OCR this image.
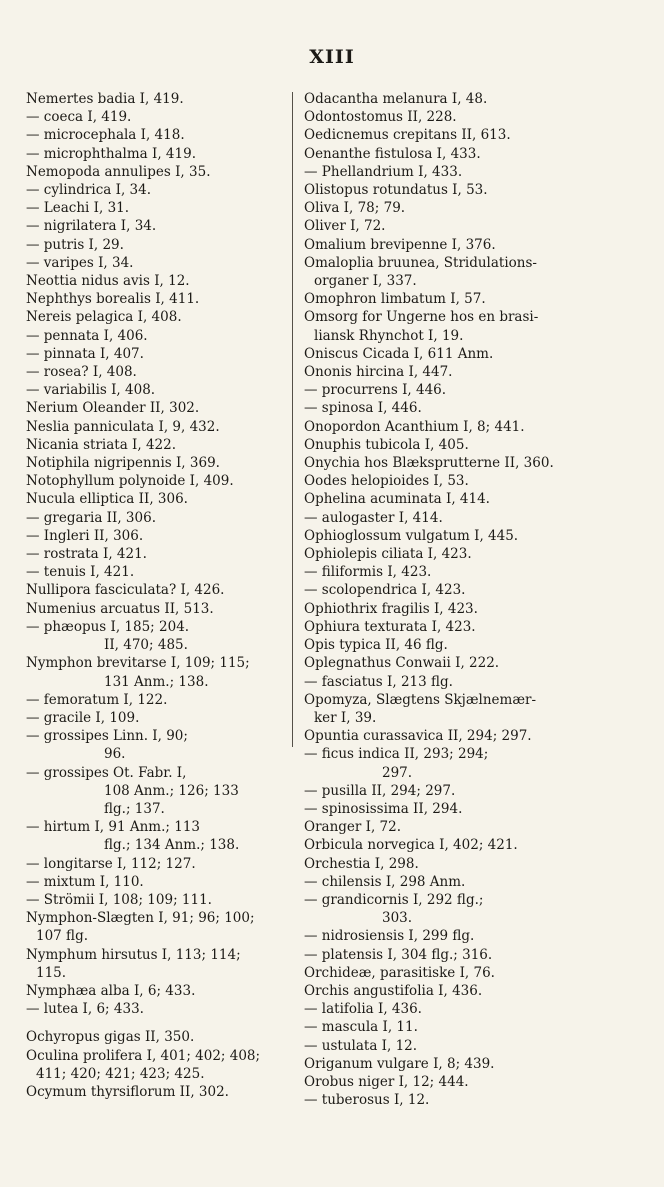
XIII
Nemertes badia I, 419.
— coeca I, 419.
— microcephala I, 418.
— microphthalma I, 419.
Nemopoda annulipes I, 35.
— cylindrica I, 34.
— Leachi I, 31.
— nigrilatera I, 34.
— putris I, 29.
— varipes I, 34.
Neottia nidus avis I, 12.
Nephthys borealis I, 411.
Nereis pelagica I, 408.
— pennata I, 406.
— pinnata I, 407.
— rosea? I, 408.
— variabilis I, 408.
Nerium Oleander II, 302.
Neslia panniculata I, 9, 432.
Nicania striata I, 422.
Notiphila nigripennis I, 369.
Notophyllum polynoide I, 409.
Nucula elliptica II, 306.
— gregaria II, 306.
— Ingleri II, 306.
— rostrata I, 421.
— tenuis I, 421.
Nullipora fasciculata? I, 426.
Numenius arcuatus II, 513.
— phæopus I, 185; 204.
II, 470; 485.
Nymphon brevitarse I, 109; 115;
131 Anm.; 138.
— femoratum I, 122.
— gracile I, 109.
— grossipes Linn. I, 90;
96.
— grossipes Ot. Fabr. I,
108 Anm.; 126; 133
flg.; 137.
— hirtum I, 91 Anm.; 113
flg.; 134 Anm.; 138.
— longitarse I, 112; 127.
— mixtum I, 110.
— Strömii I, 108; 109; 111.
Nymphon-Slægten I, 91; 96; 100;
107 flg.
Nymphum hirsutus I, 113; 114;
115.
Nymphæa alba I, 6; 433.
— lutea I, 6; 433.
Ochyropus gigas II, 350.
Oculina prolifera I, 401; 402; 408;
411; 420; 421; 423; 425.
Ocymum thyrsiflorum II, 302.
Odacantha melanura I, 48.
Odontostomus II, 228.
Oedicnemus crepitans II, 613.
Oenanthe fistulosa I, 433.
— Phellandrium I, 433.
Olistopus rotundatus I, 53.
Oliva I, 78; 79.
Oliver I, 72.
Omalium brevipenne I, 376.
Omaloplia bruunea, Stridulations-
organer I, 337.
Omophron limbatum I, 57.
Omsorg for Ungerne hos en brasi-
liansk Rhynchot I, 19.
Oniscus Cicada I, 611 Anm.
Ononis hircina I, 447.
— procurrens I, 446.
— spinosa I, 446.
Onopordon Acanthium I, 8; 441.
Onuphis tubicola I, 405.
Onychia hos Blæksprutterne II, 360.
Oodes helopioides I, 53.
Ophelina acuminata I, 414.
— aulogaster I, 414.
Ophioglossum vulgatum I, 445.
Ophiolepis ciliata I, 423.
— filiformis I, 423.
— scolopendrica I, 423.
Ophiothrix fragilis I, 423.
Ophiura texturata I, 423.
Opis typica II, 46 flg.
Oplegnathus Conwaii I, 222.
— fasciatus I, 213 flg.
Opomyza, Slægtens Skjælnemær-
ker I, 39.
Opuntia curassavica II, 294; 297.
— ficus indica II, 293; 294;
297.
— pusilla II, 294; 297.
— spinosissima II, 294.
Oranger I, 72.
Orbicula norvegica I, 402; 421.
Orchestia I, 298.
— chilensis I, 298 Anm.
— grandicornis I, 292 flg.;
303.
— nidrosiensis I, 299 flg.
— platensis I, 304 flg.; 316.
Orchideæ, parasitiske I, 76.
Orchis angustifolia I, 436.
— latifolia I, 436.
— mascula I, 11.
— ustulata I, 12.
Origanum vulgare I, 8; 439.
Orobus niger I, 12; 444.
— tuberosus I, 12.
